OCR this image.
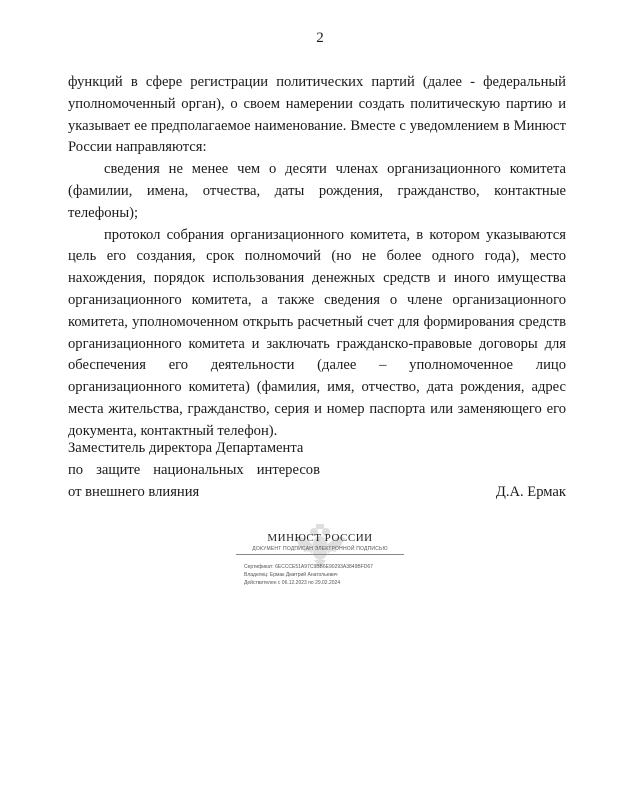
2

функций в сфере регистрации политических партий (далее - федеральный уполномоченный орган), о своем намерении создать политическую партию и указывает ее предполагаемое наименование. Вместе с уведомлением в Минюст России направляются:

сведения не менее чем о десяти членах организационного комитета (фамилии, имена, отчества, даты рождения, гражданство, контактные телефоны);

протокол собрания организационного комитета, в котором указываются цель его создания, срок полномочий (но не более одного года), место нахождения, порядок использования денежных средств и иного имущества организационного комитета, а также сведения о члене организационного комитета, уполномоченном открыть расчетный счет для формирования средств организационного комитета и заключать гражданско-правовые договоры для обеспечения его деятельности (далее – уполномоченное лицо организационного комитета) (фамилия, имя, отчество, дата рождения, адрес места жительства, гражданство, серия и номер паспорта или заменяющего его документа, контактный телефон).

Заместитель директора Департамента
по защите национальных интересов
от внешнего влияния	Д.А. Ермак
МИНЮСТ РОССИИ
ДОКУМЕНТ ПОДПИСАН ЭЛЕКТРОННОЙ ПОДПИСЬЮ
Сертификат: 6ECCCE51A97C9BB6E90293A3849BFD67
Владелец: Ермак Дмитрий Анатольевич
Действителен с 06.12.2023 по 29.02.2024
